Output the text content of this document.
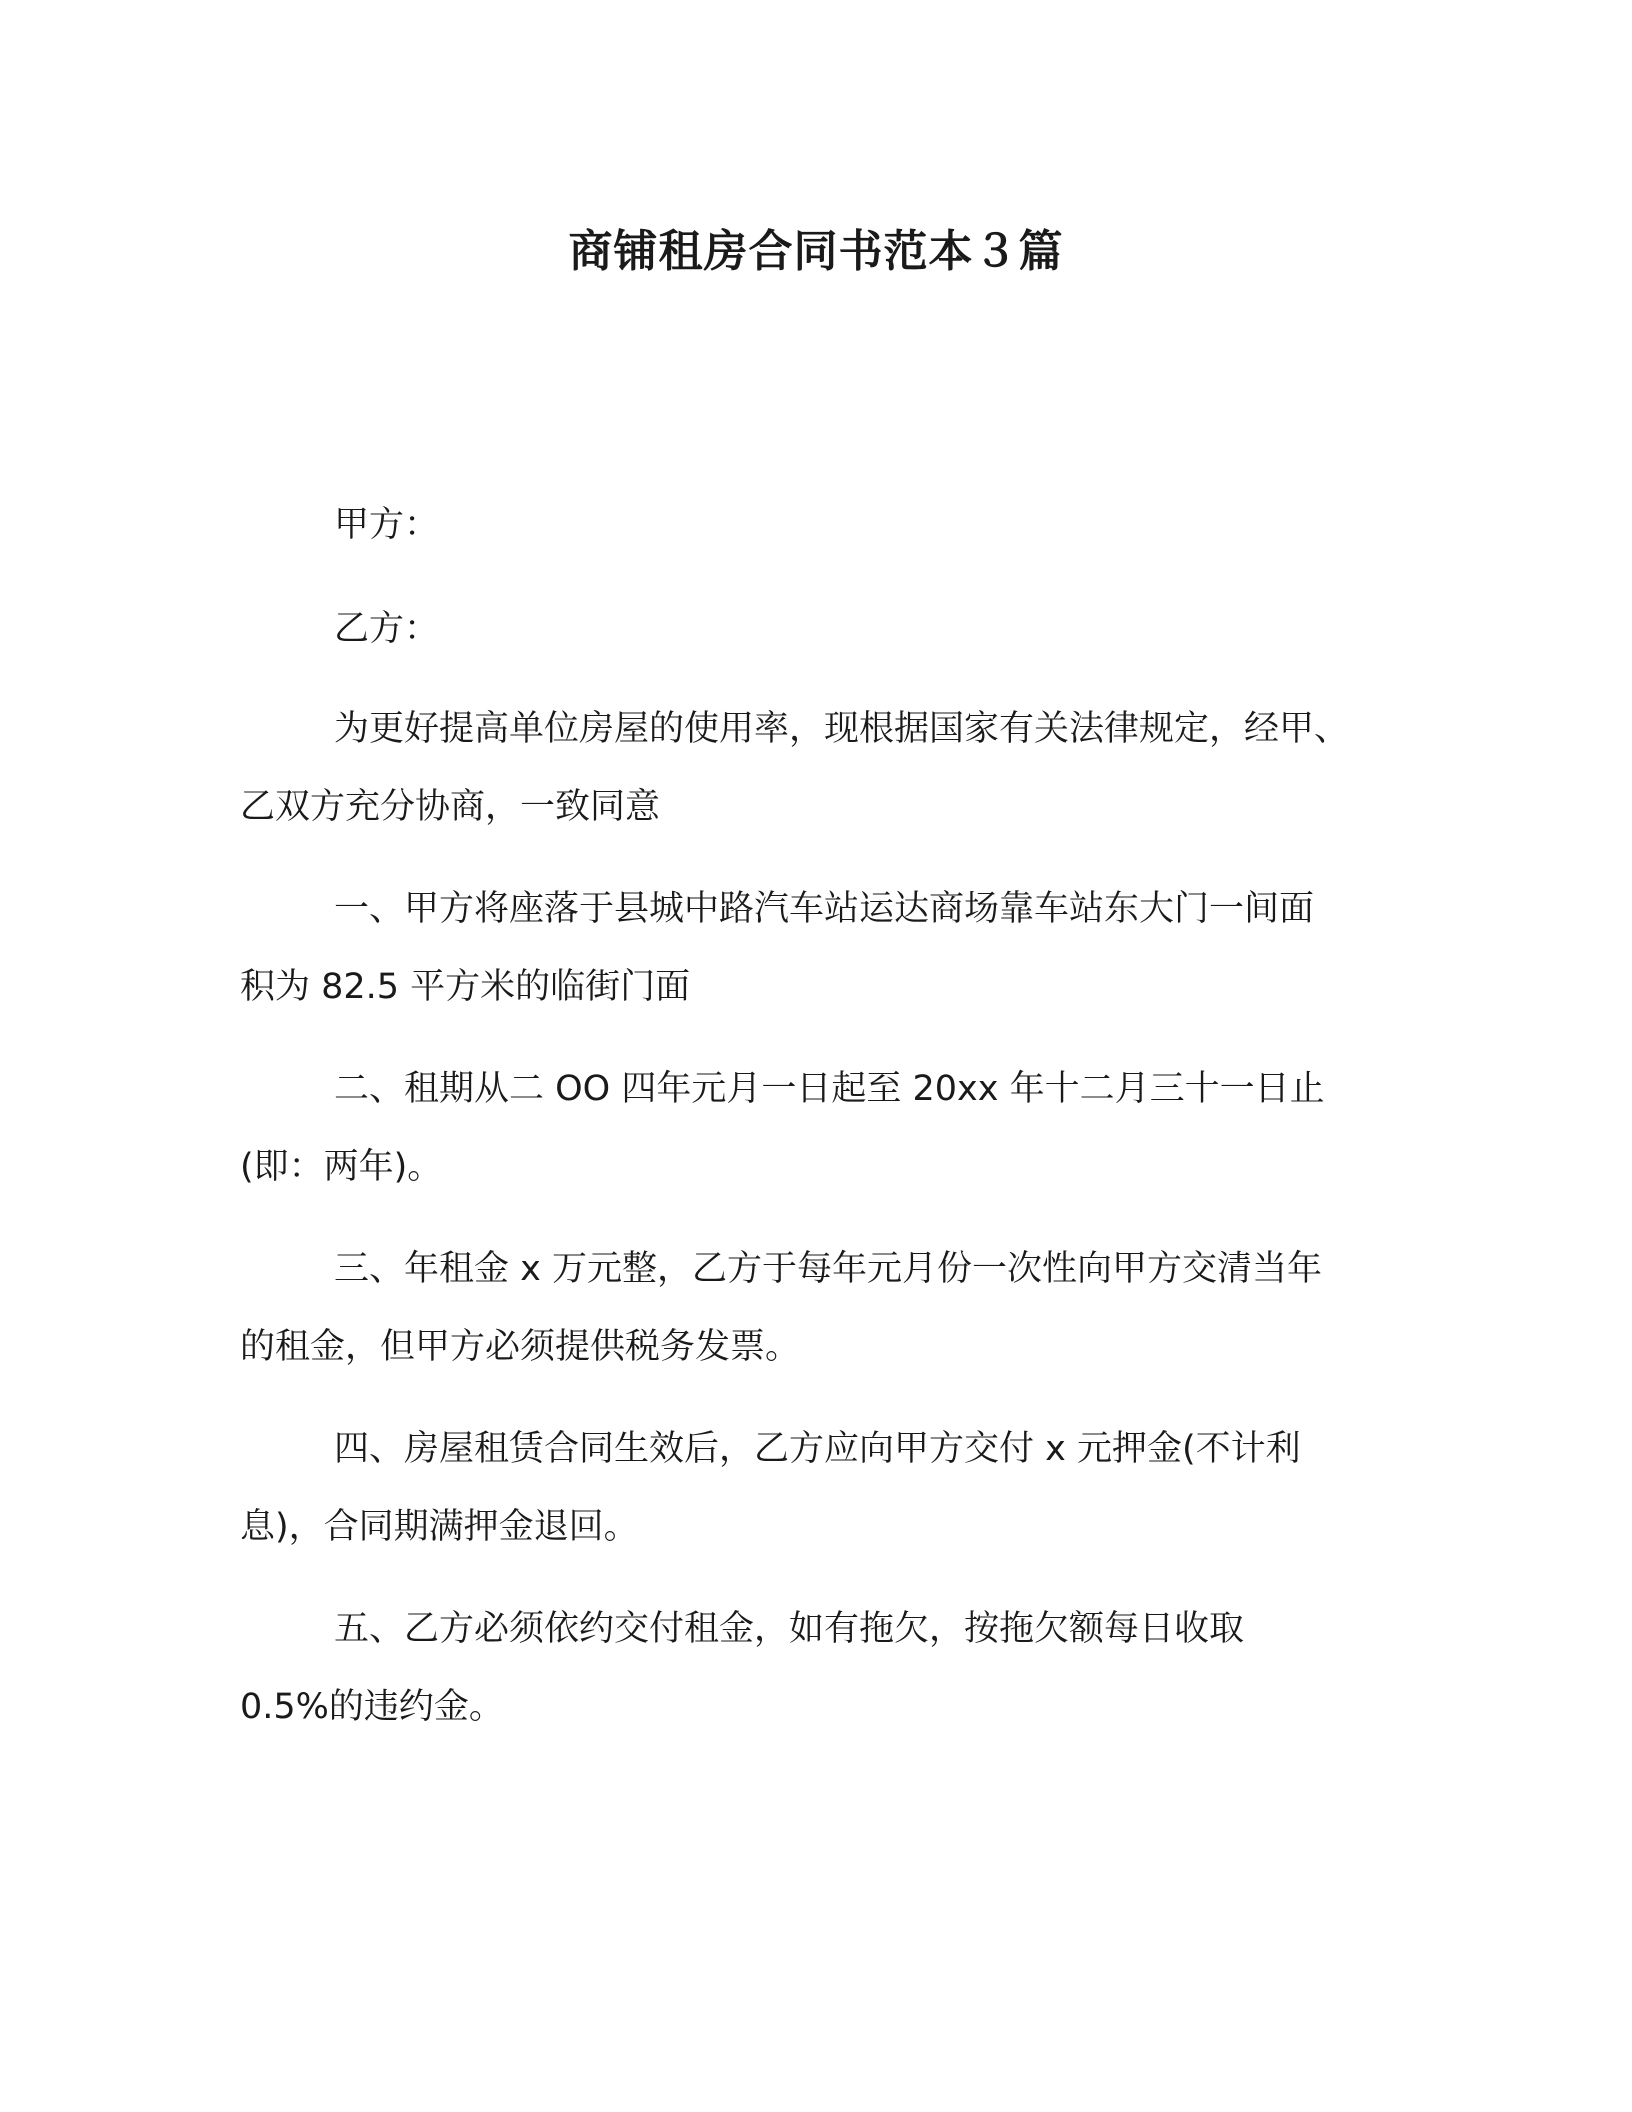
商铺租房合同书范本３篇
甲方：
乙方：
为更好提高单位房屋的使用率，现根据国家有关法律规定，经甲、
乙双方充分协商，一致同意
一、甲方将座落于县城中路汽车站运达商场靠车站东大门一间面
积为 82.5 平方米的临街门面
二、租期从二 OO 四年元月一日起至 20xx 年十二月三十一日止
(即：两年)。
三、年租金 x 万元整，乙方于每年元月份一次性向甲方交清当年
的租金，但甲方必须提供税务发票。
四、房屋租赁合同生效后，乙方应向甲方交付 x 元押金(不计利
息)，合同期满押金退回。
五、乙方必须依约交付租金，如有拖欠，按拖欠额每日收取
0.5%的违约金。
